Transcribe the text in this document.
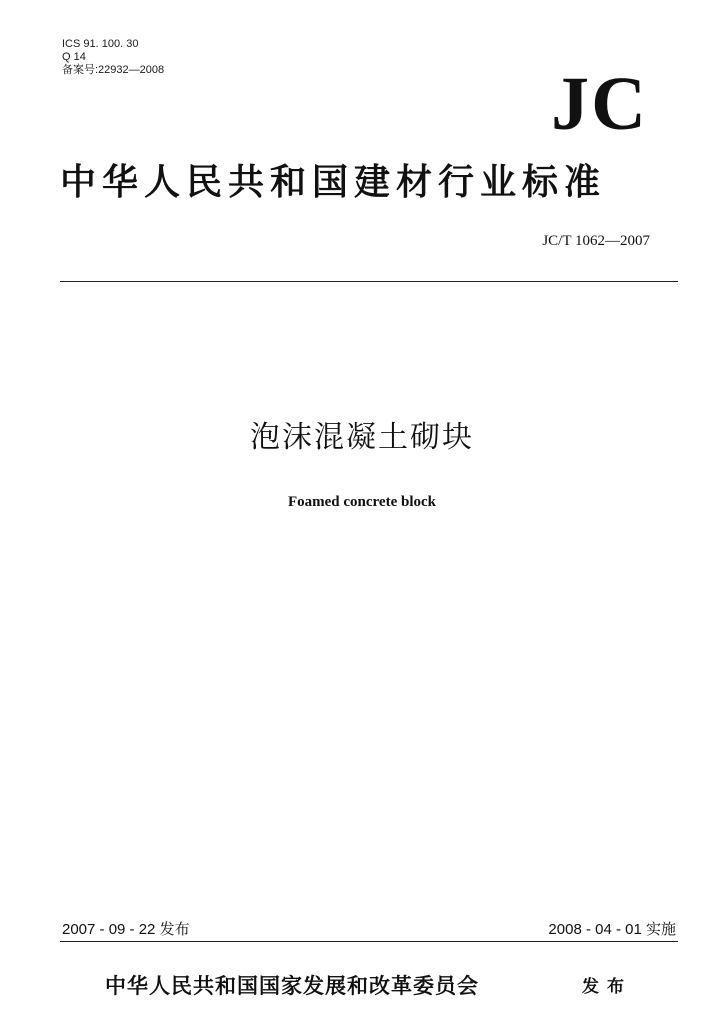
ICS 91. 100. 30
Q 14
备案号:22932—2008	JC
中华人民共和国建材行业标准
JC/T 1062—2007
泡沫混凝土砌块
Foamed concrete block
2007 - 09 - 22 发布	2008 - 04 - 01 实施
中华人民共和国国家发展和改革委员会	发布
